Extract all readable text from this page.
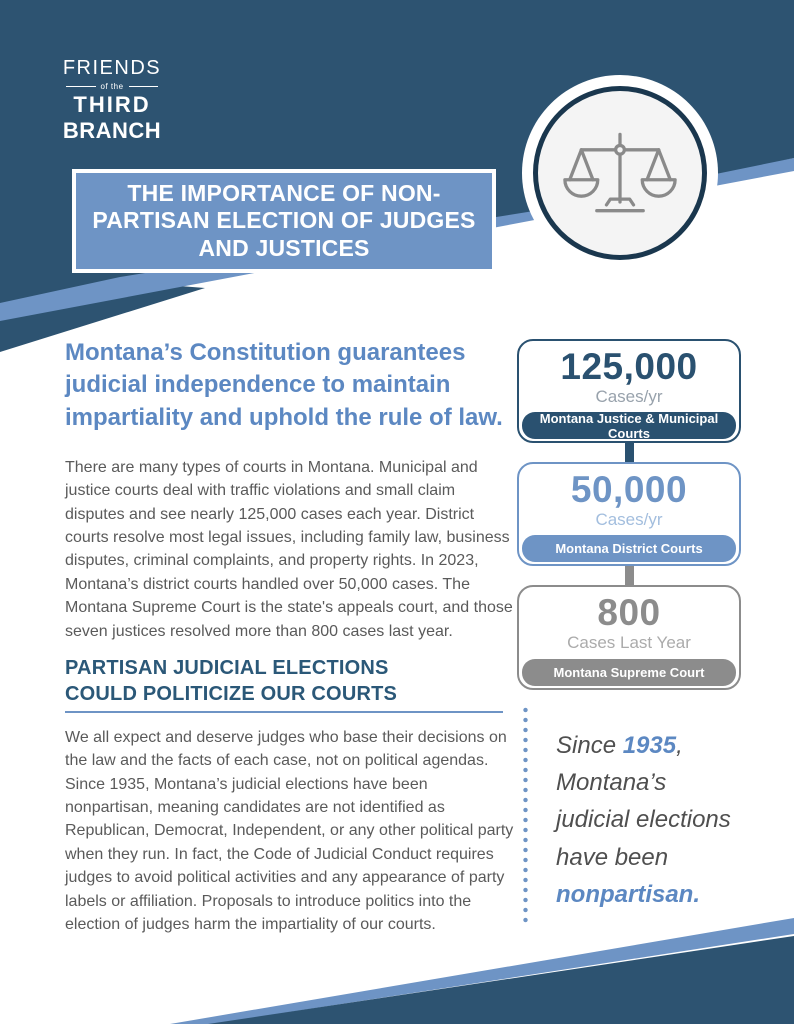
FRIENDS
of the
THIRD
BRANCH
THE IMPORTANCE OF NON-PARTISAN ELECTION OF JUDGES AND JUSTICES
Montana’s Constitution guarantees judicial independence to maintain impartiality and uphold the rule of law.

There are many types of courts in Montana. Municipal and justice courts deal with traffic violations and small claim disputes and see nearly 125,000 cases each year. District courts resolve most legal issues, including family law, business disputes, criminal complaints, and property rights. In 2023, Montana’s district courts handled over 50,000 cases. The Montana Supreme Court is the state's appeals court, and those seven justices resolved more than 800 cases last year.

125,000
Cases/yr
Montana Justice & Municipal Courts
50,000
Cases/yr
Montana District Courts
800
Cases Last Year
Montana Supreme Court
PARTISAN JUDICIAL ELECTIONS
COULD POLITICIZE OUR COURTS

We all expect and deserve judges who base their decisions on the law and the facts of each case, not on political agendas. Since 1935, Montana’s judicial elections have been nonpartisan, meaning candidates are not identified as Republican, Democrat, Independent, or any other political party when they run. In fact, the Code of Judicial Conduct requires judges to avoid political activities and any appearance of party labels or affiliation. Proposals to introduce politics into the election of judges harm the impartiality of our courts.

Since 1935,
Montana’s
judicial elections
have been
nonpartisan.
